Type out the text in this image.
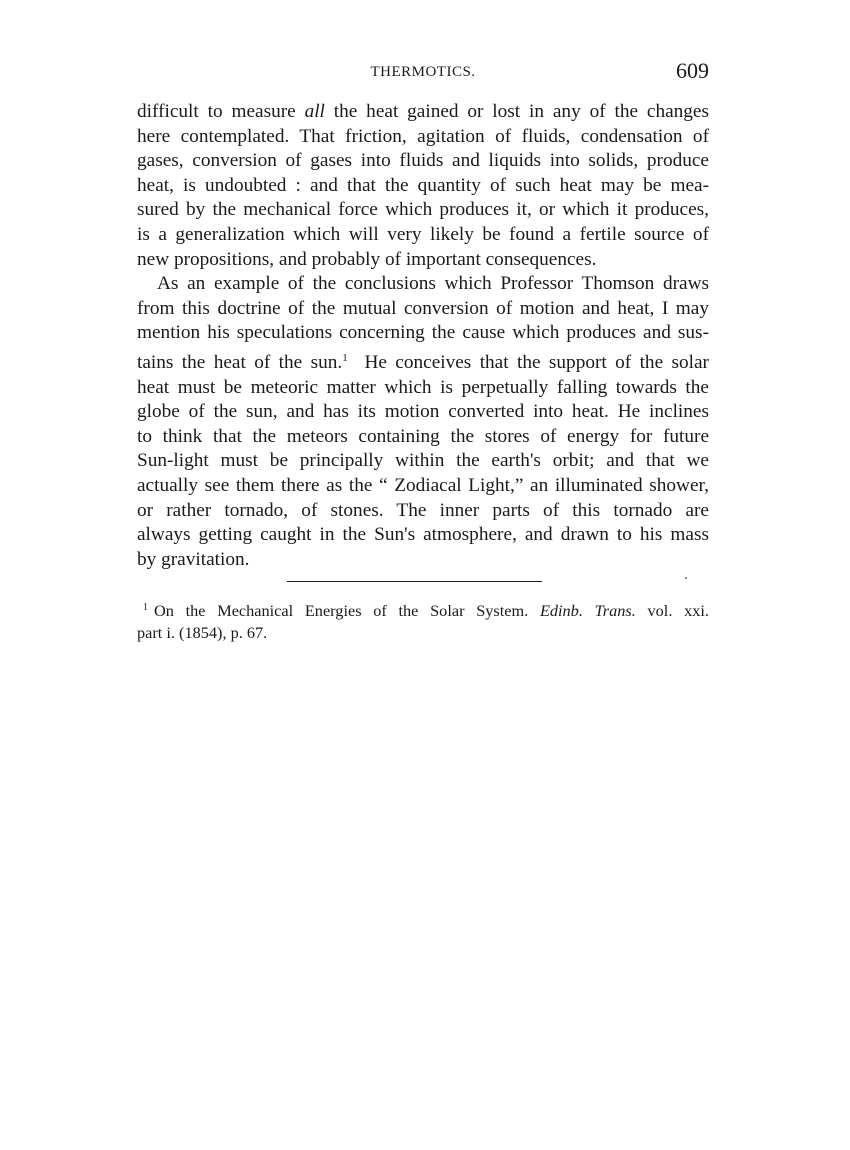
THERMOTICS.	609
difficult to measure all the heat gained or lost in any of the changes
here contemplated. That friction, agitation of fluids, condensation of
gases, conversion of gases into fluids and liquids into solids, produce
heat, is undoubted : and that the quantity of such heat may be mea-
sured by the mechanical force which produces it, or which it produces,
is a generalization which will very likely be found a fertile source of
new propositions, and probably of important consequences.
As an example of the conclusions which Professor Thomson draws
from this doctrine of the mutual conversion of motion and heat, I may
mention his speculations concerning the cause which produces and sus-
tains the heat of the sun.$^1$  He conceives that the support of the solar
heat must be meteoric matter which is perpetually falling towards the
globe of the sun, and has its motion converted into heat. He inclines
to think that the meteors containing the stores of energy for future
Sun-light must be principally within the earth's orbit; and that we
actually see them there as the “ Zodiacal Light,” an illuminated shower,
or rather tornado, of stones. The inner parts of this tornado are
always getting caught in the Sun's atmosphere, and drawn to his mass
by gravitation.
$^1$ On the Mechanical Energies of the Solar System. Edinb. Trans. vol. xxi.
part i. (1854), p. 67.
